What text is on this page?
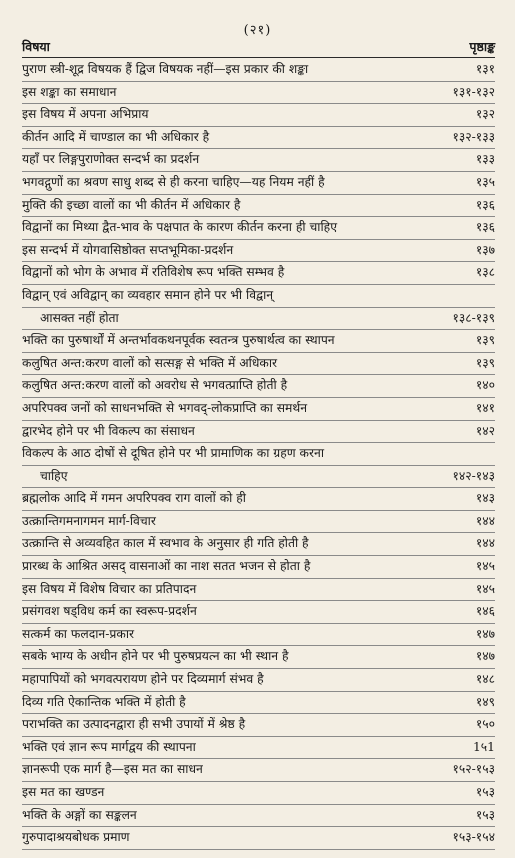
(२१)
विषया	पृष्ठाङ्क
पुराण स्त्री-शूद्र विषयक हैं द्विज विषयक नहीं—इस प्रकार की शङ्का	१३१
इस शङ्का का समाधान	१३१-१३२
इस विषय में अपना अभिप्राय	१३२
कीर्तन आदि में चाण्डाल का भी अधिकार है	१३२-१३३
यहाँ पर लिङ्गपुराणोक्त सन्दर्भ का प्रदर्शन	१३३
भगवद्गुणों का श्रवण साधु शब्द से ही करना चाहिए—यह नियम नहीं है	१३५
मुक्ति की इच्छा वालों का भी कीर्तन में अधिकार है	१३६
विद्वानों का मिथ्या द्वैत-भाव के पक्षपात के कारण कीर्तन करना ही चाहिए	१३६
इस सन्दर्भ में योगवासिष्ठोक्त सप्तभूमिका-प्रदर्शन	१३७
विद्वानों को भोग के अभाव में रतिविशेष रूप भक्ति सम्भव है	१३८
विद्वान् एवं अविद्वान् का व्यवहार समान होने पर भी विद्वान्
आसक्त नहीं होता	१३८-१३९
भक्ति का पुरुषार्थों में अन्तर्भावकथनपूर्वक स्वतन्त्र पुरुषार्थत्व का स्थापन	१३९
कलुषित अन्त:करण वालों को सत्सङ्ग से भक्ति में अधिकार	१३९
कलुषित अन्त:करण वालों को अवरोध से भगवत्प्राप्ति होती है	१४०
अपरिपक्व जनों को साधनभक्ति से भगवद्-लोकप्राप्ति का समर्थन	१४१
द्वारभेद होने पर भी विकल्प का संसाधन	१४२
विकल्प के आठ दोषों से दूषित होने पर भी प्रामाणिक का ग्रहण करना
चाहिए	१४२-१४३
ब्रह्मलोक आदि में गमन अपरिपक्व राग वालों को ही	१४३
उत्क्रान्तिगमनागमन मार्ग-विचार	१४४
उत्क्रान्ति से अव्यवहित काल में स्वभाव के अनुसार ही गति होती है	१४४
प्रारब्ध के आश्रित असद् वासनाओं का नाश सतत भजन से होता है	१४५
इस विषय में विशेष विचार का प्रतिपादन	१४५
प्रसंगवश षड्विध कर्म का स्वरूप-प्रदर्शन	१४६
सत्कर्म का फलदान-प्रकार	१४७
सबके भाग्य के अधीन होने पर भी पुरुषप्रयत्न का भी स्थान है	१४७
महापापियों को भगवत्परायण होने पर दिव्यमार्ग संभव है	१४८
दिव्य गति ऐकान्तिक भक्ति में होती है	१४९
पराभक्ति का उत्पादनद्वारा ही सभी उपायों में श्रेष्ठ है	१५०
भक्ति एवं ज्ञान रूप मार्गद्वय की स्थापना	1५1
ज्ञानरूपी एक मार्ग है—इस मत का साधन	१५२-१५३
इस मत का खण्डन	१५३
भक्ति के अङ्गों का सङ्कलन	१५३
गुरुपादाश्रयबोधक प्रमाण	१५३-१५४
